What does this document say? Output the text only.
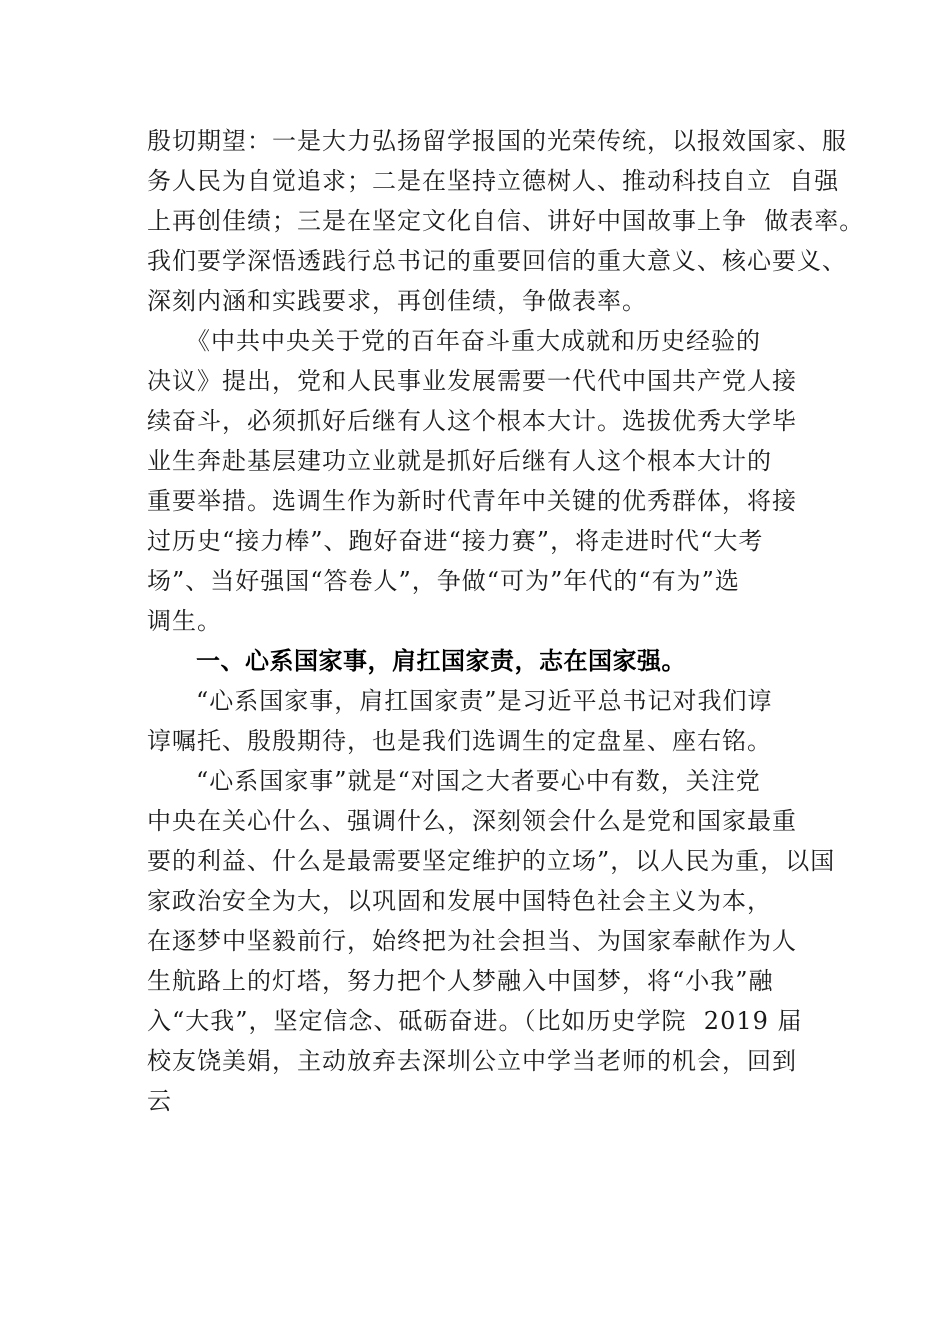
殷切期望：一是大力弘扬留学报国的光荣传统，以报效国家、服
务人民为自觉追求；二是在坚持立德树人、推动科技自立  自强
上再创佳绩；三是在坚定文化自信、讲好中国故事上争  做表率。
我们要学深悟透践行总书记的重要回信的重大意义、核心要义、
深刻内涵和实践要求，再创佳绩，争做表率。
《中共中央关于党的百年奋斗重大成就和历史经验的
决议》提出，党和人民事业发展需要一代代中国共产党人接
续奋斗，必须抓好后继有人这个根本大计。选拔优秀大学毕
业生奔赴基层建功立业就是抓好后继有人这个根本大计的
重要举措。选调生作为新时代青年中关键的优秀群体，将接
过历史“接力棒”、跑好奋进“接力赛”，将走进时代“大考
场”、当好强国“答卷人”，争做“可为”年代的“有为”选
调生。
一、心系国家事，肩扛国家责，志在国家强。
“心系国家事，肩扛国家责”是习近平总书记对我们谆
谆嘱托、殷殷期待，也是我们选调生的定盘星、座右铭。
“心系国家事”就是“对国之大者要心中有数，关注党
中央在关心什么、强调什么，深刻领会什么是党和国家最重
要的利益、什么是最需要坚定维护的立场”，以人民为重，以国
家政治安全为大，以巩固和发展中国特色社会主义为本，
在逐梦中坚毅前行，始终把为社会担当、为国家奉献作为人
生航路上的灯塔，努力把个人梦融入中国梦，将“小我”融
入“大我”，坚定信念、砥砺奋进。（比如历史学院  2019 届
校友饶美娟，主动放弃去深圳公立中学当老师的机会，回到
云
